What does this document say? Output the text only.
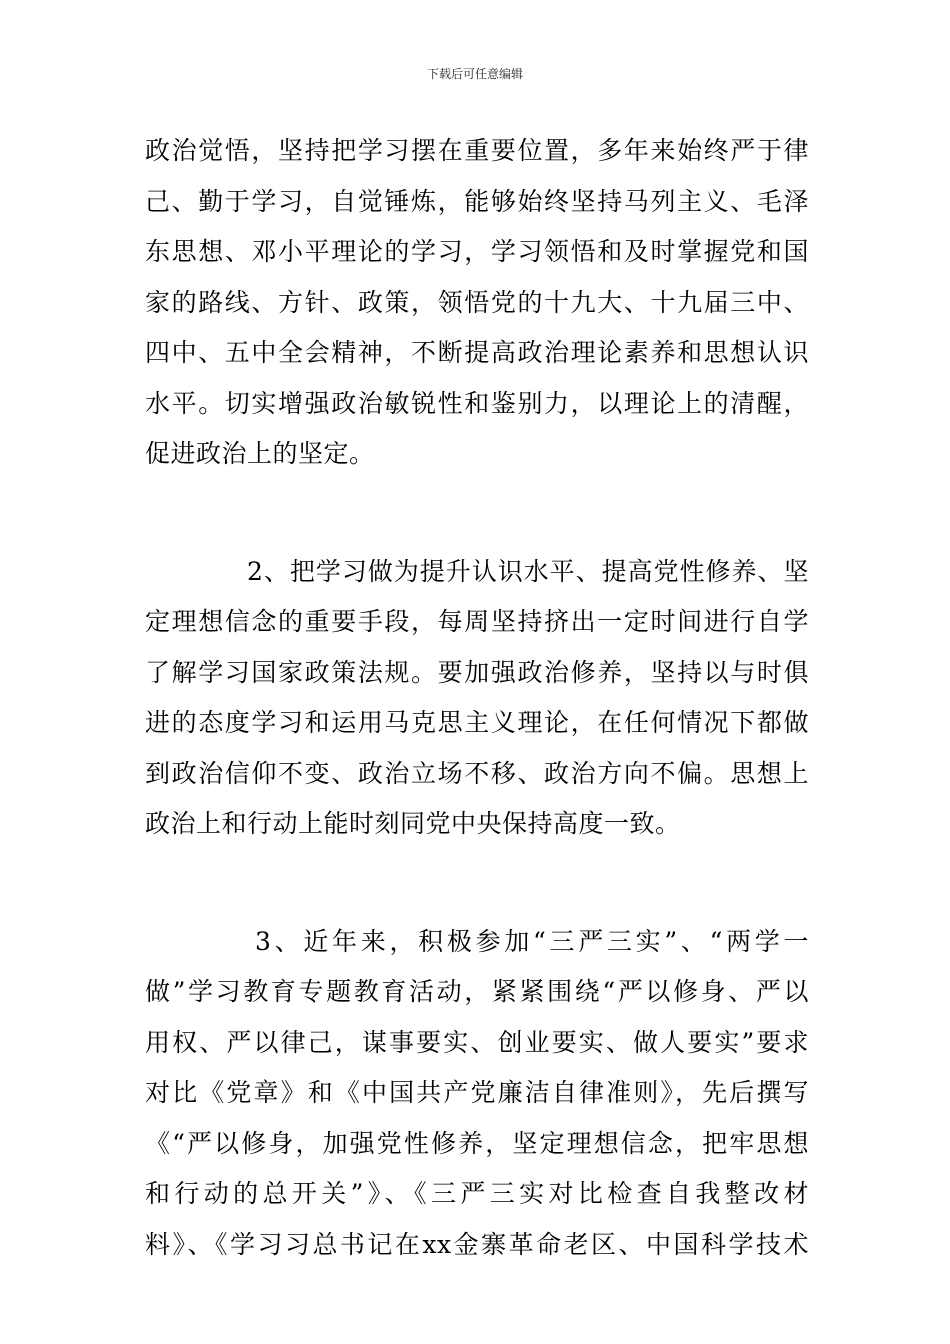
下载后可任意编辑
政治觉悟，坚持把学习摆在重要位置，多年来始终严于律
己、勤于学习，自觉锤炼，能够始终坚持马列主义、毛泽
东思想、邓小平理论的学习，学习领悟和及时掌握党和国
家的路线、方针、政策，领悟党的十九大、十九届三中、
四中、五中全会精神，不断提高政治理论素养和思想认识
水平。切实增强政治敏锐性和鉴别力，以理论上的清醒，
促进政治上的坚定。
2、把学习做为提升认识水平、提高党性修养、坚
定理想信念的重要手段，每周坚持挤出一定时间进行自学
了解学习国家政策法规。要加强政治修养，坚持以与时俱
进的态度学习和运用马克思主义理论，在任何情况下都做
到政治信仰不变、政治立场不移、政治方向不偏。思想上
政治上和行动上能时刻同党中央保持高度一致。
3、近年来，积极参加“三严三实”、“两学一
做”学习教育专题教育活动，紧紧围绕“严以修身、严以
用权、严以律己，谋事要实、创业要实、做人要实”要求
对比《党章》和《中国共产党廉洁自律准则》，先后撰写
《“严以修身，加强党性修养，坚定理想信念，把牢思想
和行动的总开关”》、《三严三实对比检查自我整改材
料》、《学习习总书记在xx金寨革命老区、中国科学技术
